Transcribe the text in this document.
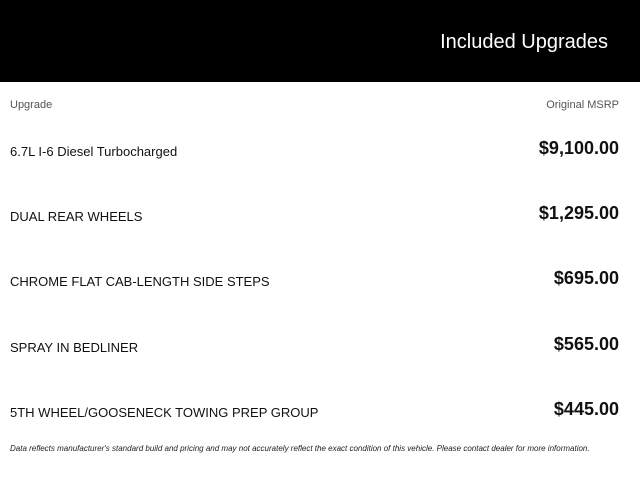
Included Upgrades
Upgrade	Original MSRP
6.7L I-6 Diesel Turbocharged	$9,100.00
DUAL REAR WHEELS	$1,295.00
CHROME FLAT CAB-LENGTH SIDE STEPS	$695.00
SPRAY IN BEDLINER	$565.00
5TH WHEEL/GOOSENECK TOWING PREP GROUP	$445.00
Data reflects manufacturer's standard build and pricing and may not accurately reflect the exact condition of this vehicle. Please contact dealer for more information.
